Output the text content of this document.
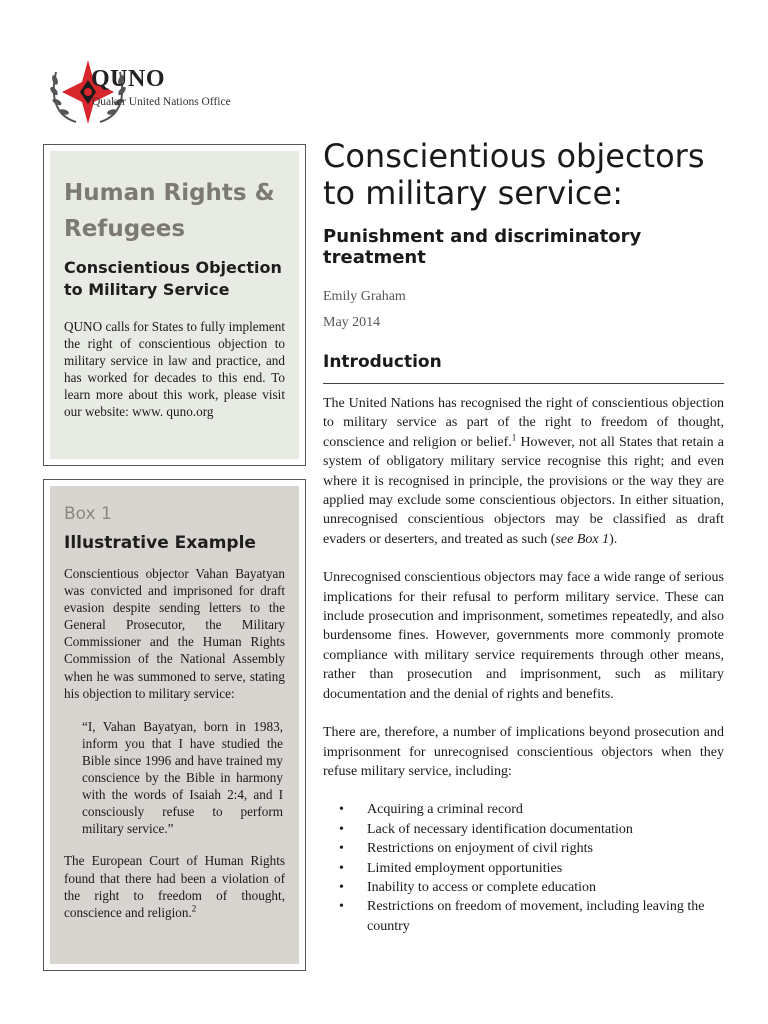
QUNO
Quaker United Nations Office
Human Rights & Refugees
Conscientious Objection to Military Service

QUNO calls for States to fully implement the right of conscientious objection to military service in law and practice, and has worked for decades to this end. To learn more about this work, please visit our website: www. quno.org

Box 1

Illustrative Example

Conscientious objector Vahan Bayatyan was convicted and imprisoned for draft evasion despite sending letters to the General Prosecutor, the Military Commissioner and the Human Rights Commission of the National Assembly when he was summoned to serve, stating his objection to military service:

“I, Vahan Bayatyan, born in 1983, inform you that I have studied the Bible since 1996 and have trained my conscience by the Bible in harmony with the words of Isaiah 2:4, and I consciously refuse to perform military service.”

The European Court of Human Rights found that there had been a violation of the right to freedom of thought, conscience and religion.$^2$

Conscientious objectors to military service:
Punishment and discriminatory treatment

Emily Graham

May 2014

Introduction

The United Nations has recognised the right of conscientious objection to military service as part of the right to freedom of thought, conscience and religion or belief.$^1$ However, not all States that retain a system of obligatory military service recognise this right; and even where it is recognised in principle, the provisions or the way they are applied may exclude some conscientious objectors. In either situation, unrecognised conscientious objectors may be classified as draft evaders or deserters, and treated as such (see Box 1).

Unrecognised conscientious objectors may face a wide range of serious implications for their refusal to perform military service. These can include prosecution and imprisonment, sometimes repeatedly, and also burdensome fines. However, governments more commonly promote compliance with military service requirements through other means, rather than prosecution and imprisonment, such as military documentation and the denial of rights and benefits.

There are, therefore, a number of implications beyond prosecution and imprisonment for unrecognised conscientious objectors when they refuse military service, including:

• Acquiring a criminal record
• Lack of necessary identification documentation
• Restrictions on enjoyment of civil rights
• Limited employment opportunities
• Inability to access or complete education
• Restrictions on freedom of movement, including leaving the country
